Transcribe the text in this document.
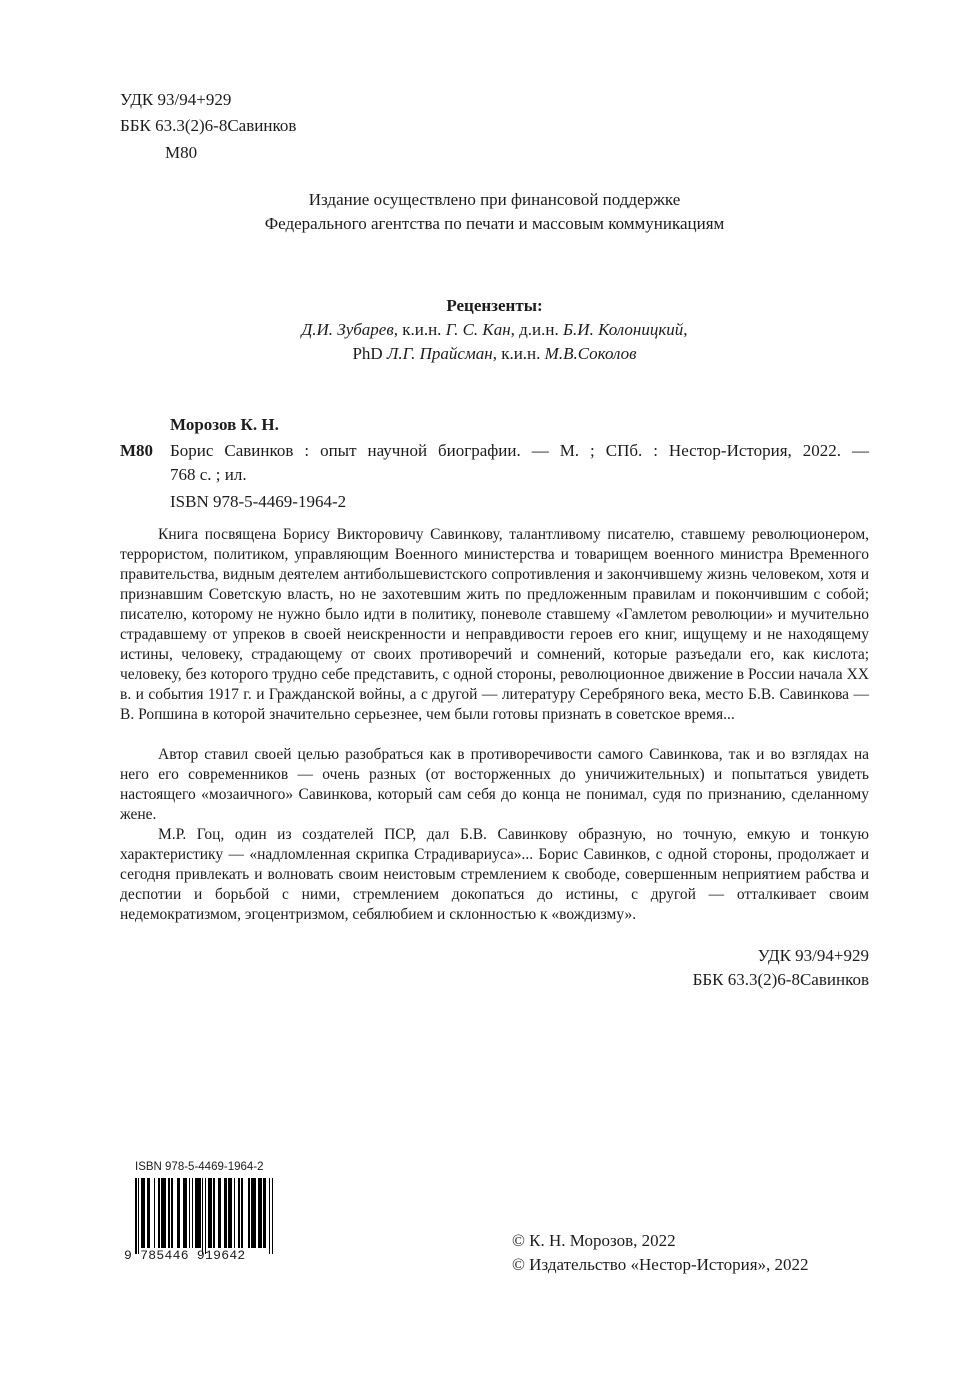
УДК 93/94+929
ББК 63.3(2)6-8Савинков
М80
Издание осуществлено при финансовой поддержке
Федерального агентства по печати и массовым коммуникациям
Рецензенты:
Д.И. Зубарев, к.и.н. Г. С. Кан, д.и.н. Б.И. Колоницкий,
PhD Л.Г. Прайсман, к.и.н. М.В.Соколов
Морозов К. Н.
М80 Борис Савинков : опыт научной биографии. — М. ; СПб. : Нестор-История, 2022. —
768 с. ; ил.
ISBN 978-5-4469-1964-2

Книга посвящена Борису Викторовичу Савинкову, талантливому писателю, ставшему революционером, террористом, политиком, управляющим Военного министерства и товарищем военного министра Временного правительства, видным деятелем антибольшевистского сопротивления и закончившему жизнь человеком, хотя и признавшим Советскую власть, но не захотевшим жить по предложенным правилам и покончившим с собой; писателю, которому не нужно было идти в политику, поневоле ставшему «Гамлетом революции» и мучительно страдавшему от упреков в своей неискренности и неправдивости героев его книг, ищущему и не находящему истины, человеку, страдающему от своих противоречий и сомнений, которые разъедали его, как кислота; человеку, без которого трудно себе представить, с одной стороны, революционное движение в России начала XX в. и события 1917 г. и Гражданской войны, а с другой — литературу Серебряного века, место Б.В. Савинкова — В. Ропшина в которой значительно серьезнее, чем были готовы признать в советское время...

Автор ставил своей целью разобраться как в противоречивости самого Савинкова, так и во взглядах на него его современников — очень разных (от восторженных до уничижительных) и попытаться увидеть настоящего «мозаичного» Савинкова, который сам себя до конца не понимал, судя по признанию, сделанному жене.

М.Р. Гоц, один из создателей ПСР, дал Б.В. Савинкову образную, но точную, емкую и тонкую характеристику — «надломленная скрипка Страдивариуса»... Борис Савинков, с одной стороны, продолжает и сегодня привлекать и волновать своим неистовым стремлением к свободе, совершенным неприятием рабства и деспотии и борьбой с ними, стремлением докопаться до истины, с другой — отталкивает своим недемократизмом, эгоцентризмом, себялюбием и склонностью к «вождизму».

УДК 93/94+929
ББК 63.3(2)6-8Савинков
ISBN 978-5-4469-1964-2
9 785446 919642
© К. Н. Морозов, 2022
© Издательство «Нестор-История», 2022
